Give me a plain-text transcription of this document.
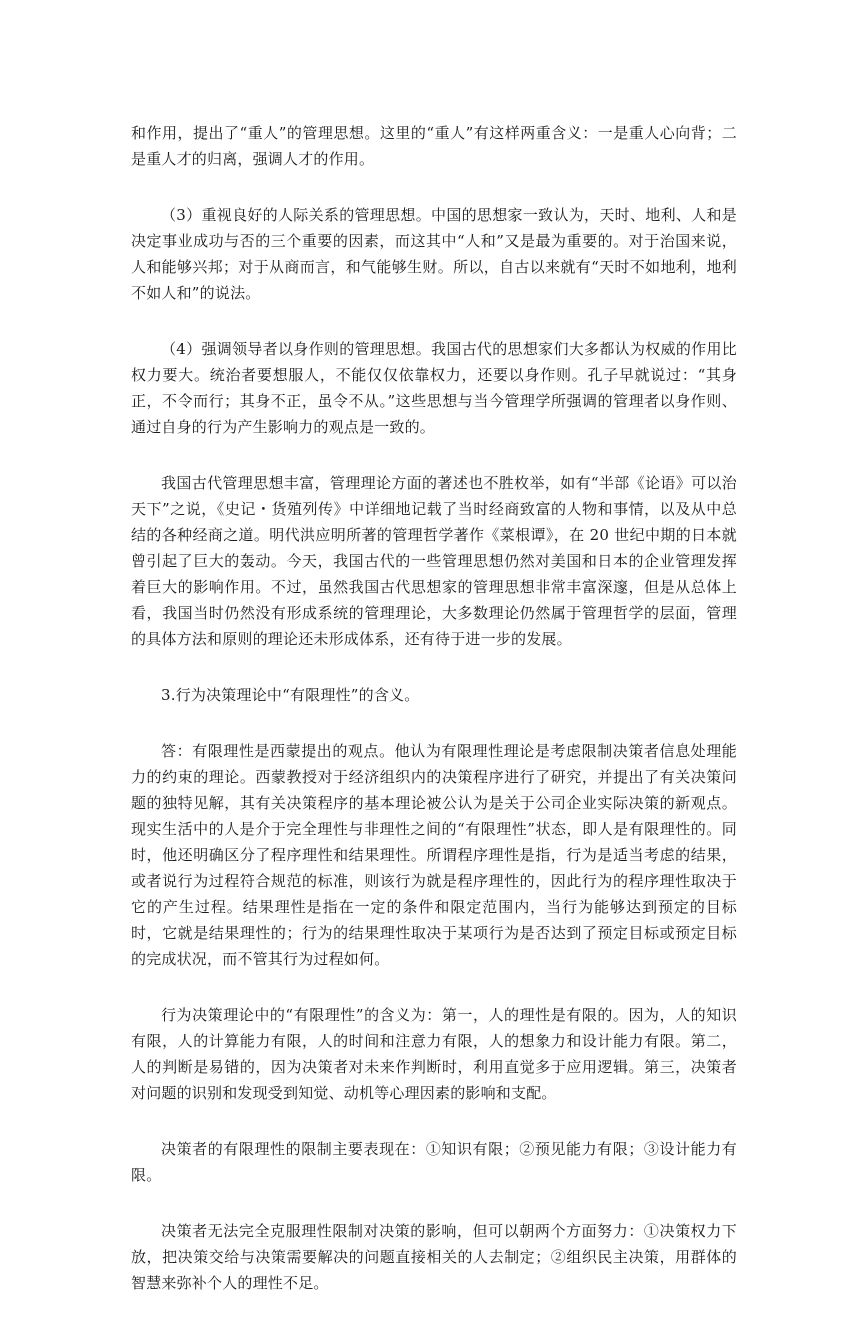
和作用，提出了“重人”的管理思想。这里的“重人”有这样两重含义：一是重人心向背；二是重人才的归离，强调人才的作用。

（3）重视良好的人际关系的管理思想。中国的思想家一致认为，天时、地利、人和是决定事业成功与否的三个重要的因素，而这其中“人和”又是最为重要的。对于治国来说，人和能够兴邦；对于从商而言，和气能够生财。所以，自古以来就有“天时不如地利，地利不如人和”的说法。

（4）强调领导者以身作则的管理思想。我国古代的思想家们大多都认为权威的作用比权力要大。统治者要想服人，不能仅仅依靠权力，还要以身作则。孔子早就说过：“其身正，不令而行；其身不正，虽令不从。”这些思想与当今管理学所强调的管理者以身作则、通过自身的行为产生影响力的观点是一致的。

我国古代管理思想丰富，管理理论方面的著述也不胜枚举，如有“半部《论语》可以治天下”之说，《史记・货殖列传》中详细地记载了当时经商致富的人物和事情，以及从中总结的各种经商之道。明代洪应明所著的管理哲学著作《菜根谭》，在 20 世纪中期的日本就曾引起了巨大的轰动。今天，我国古代的一些管理思想仍然对美国和日本的企业管理发挥着巨大的影响作用。不过，虽然我国古代思想家的管理思想非常丰富深邃，但是从总体上看，我国当时仍然没有形成系统的管理理论，大多数理论仍然属于管理哲学的层面，管理的具体方法和原则的理论还未形成体系，还有待于进一步的发展。

3.行为决策理论中“有限理性”的含义。

答：有限理性是西蒙提出的观点。他认为有限理性理论是考虑限制决策者信息处理能力的约束的理论。西蒙教授对于经济组织内的决策程序进行了研究，并提出了有关决策问题的独特见解，其有关决策程序的基本理论被公认为是关于公司企业实际决策的新观点。现实生活中的人是介于完全理性与非理性之间的“有限理性”状态，即人是有限理性的。同时，他还明确区分了程序理性和结果理性。所谓程序理性是指，行为是适当考虑的结果，或者说行为过程符合规范的标准，则该行为就是程序理性的，因此行为的程序理性取决于它的产生过程。结果理性是指在一定的条件和限定范围内，当行为能够达到预定的目标时，它就是结果理性的；行为的结果理性取决于某项行为是否达到了预定目标或预定目标的完成状况，而不管其行为过程如何。

行为决策理论中的“有限理性”的含义为：第一，人的理性是有限的。因为，人的知识有限，人的计算能力有限，人的时间和注意力有限，人的想象力和设计能力有限。第二，人的判断是易错的，因为决策者对未来作判断时，利用直觉多于应用逻辑。第三，决策者对问题的识别和发现受到知觉、动机等心理因素的影响和支配。

决策者的有限理性的限制主要表现在：①知识有限；②预见能力有限；③设计能力有限。

决策者无法完全克服理性限制对决策的影响，但可以朝两个方面努力：①决策权力下放，把决策交给与决策需要解决的问题直接相关的人去制定；②组织民主决策，用群体的智慧来弥补个人的理性不足。
